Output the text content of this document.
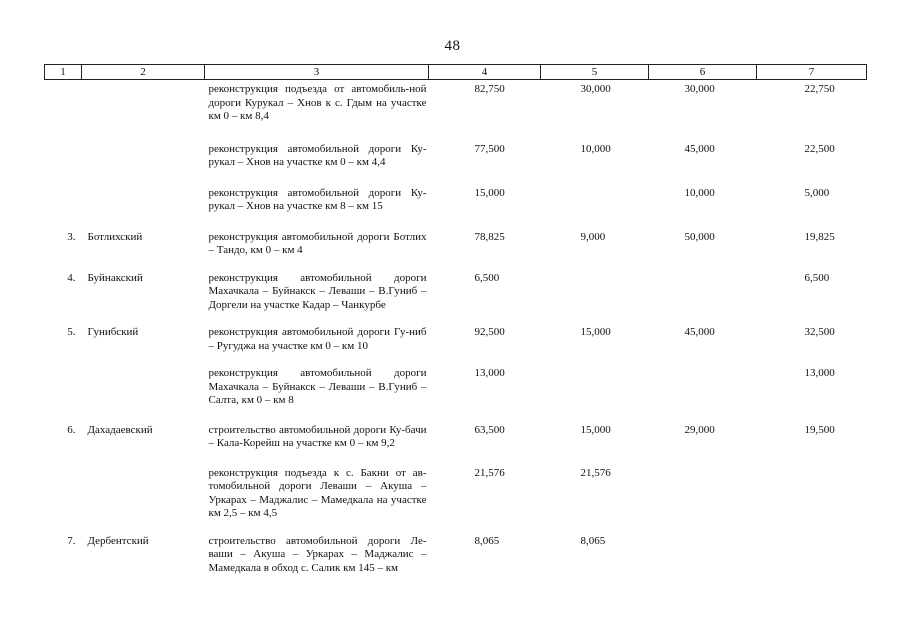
48
1	2	3	4	5	6	7
		реконструкция подъезда от автомобиль-ной дороги Курукал – Хнов к с. Гдым на участке км 0 – км 8,4	82,750	30,000	30,000	22,750
		реконструкция автомобильной дороги Ку-рукал – Хнов на участке км 0 – км 4,4	77,500	10,000	45,000	22,500
		реконструкция автомобильной дороги Ку-рукал – Хнов на участке км 8 – км 15	15,000		10,000	5,000
3.	Ботлихский	реконструкция автомобильной дороги Ботлих – Тандо, км 0 – км 4	78,825	9,000	50,000	19,825
4.	Буйнакский	реконструкция автомобильной дороги Махачкала – Буйнакск – Леваши – В.Гуниб – Доргели на участке Кадар – Чанкурбе	6,500			6,500
5.	Гунибский	реконструкция автомобильной дороги Гу-ниб – Ругуджа на участке км 0 – км 10	92,500	15,000	45,000	32,500
		реконструкция автомобильной дороги Махачкала – Буйнакск – Леваши – В.Гуниб – Салта, км 0 – км 8	13,000			13,000
6.	Дахадаевский	строительство автомобильной дороги Ку-бачи – Кала-Корейш на участке км 0 – км 9,2	63,500	15,000	29,000	19,500
		реконструкция подъезда к с. Бакни от ав-томобильной дороги Леваши – Акуша – Уркарах – Маджалис – Мамедкала на участке км 2,5 – км 4,5	21,576	21,576		
7.	Дербентский	строительство автомобильной дороги Ле-ваши – Акуша – Уркарах – Маджалис – Мамедкала в обход с. Салик км 145 – км	8,065	8,065		
